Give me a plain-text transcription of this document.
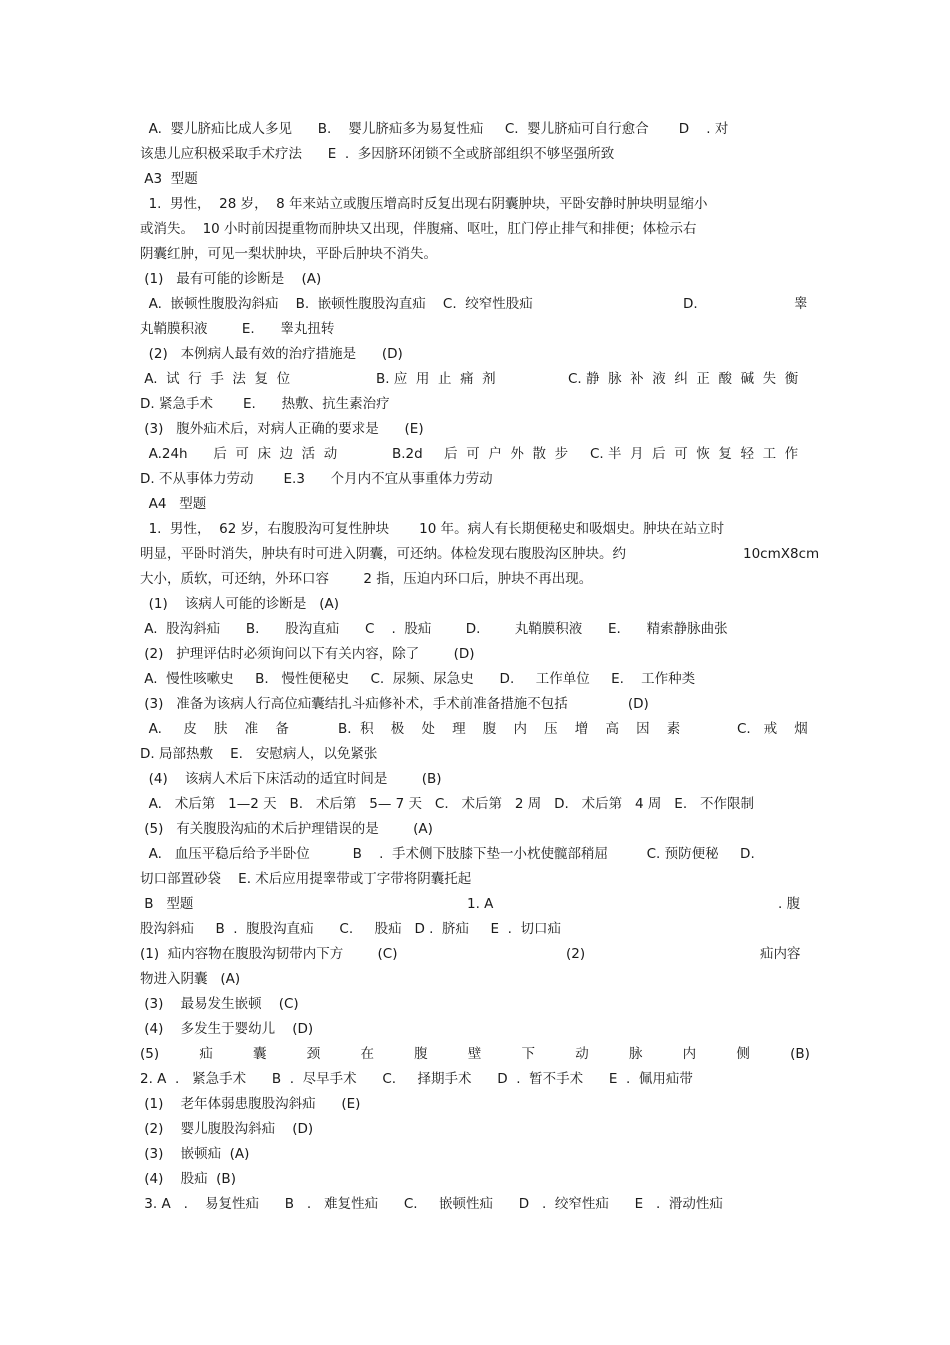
A.  婴儿脐疝比成人多见      B.    婴儿脐疝多为易复性疝     C.  婴儿脐疝可自行愈合       D    . 对
该患儿应积极采取手术疗法      E  .  多因脐环闭锁不全或脐部组织不够坚强所致
A3  型题
1.  男性，  28 岁，  8 年来站立或腹压增高时反复出现右阴囊肿块，平卧安静时肿块明显缩小
或消失。  10 小时前因提重物而肿块又出现，伴腹痛、呕吐，肛门停止排气和排便；体检示右
阴囊红肿，可见一梨状肿块，平卧后肿块不消失。
(1)   最有可能的诊断是    (A)
A.  嵌顿性腹股沟斜疝    B.  嵌顿性腹股沟直疝    C.  绞窄性股疝	D.	睾
丸鞘膜积液        E.      睾丸扭转
(2)   本例病人最有效的治疗措施是      (D)
A.  试  行  手  法  复  位	B. 应  用  止  痛  剂	C. 静  脉  补  液  纠  正  酸  碱  失  衡
D. 紧急手术       E.      热敷、抗生素治疗
(3)   腹外疝术后，对病人正确的要求是      (E)
A.24h      后  可  床  边  活  动	B.2d     后  可  户  外  散  步 C. 半  月  后  可  恢  复  轻  工  作
D. 不从事体力劳动       E.3      个月内不宜从事重体力劳动
A4   型题
1.  男性，  62 岁，右腹股沟可复性肿块       10 年。病人有长期便秘史和吸烟史。肿块在站立时
明显，平卧时消失，肿块有时可进入阴囊，可还纳。体检发现右腹股沟区肿块。约	10cmX8cm
大小，质软，可还纳，外环口容        2 指，压迫内环口后，肿块不再出现。
(1)    该病人可能的诊断是   (A)
A.  股沟斜疝      B.      股沟直疝      C    .  股疝        D.        丸鞘膜积液      E.      精索静脉曲张
(2)   护理评估时必须询问以下有关内容，除了        (D)
A.  慢性咳嗽史     B.   慢性便秘史     C.  尿频、尿急史      D.     工作单位     E.    工作种类
(3)   准备为该病人行高位疝囊结扎斗疝修补术，手术前准备措施不包括              (D)
A.     皮    肤    准    备	B.  积    极    处    理    腹    内    压    增    高    因    素	C.   戒    烟
D. 局部热敷    E.   安慰病人，以免紧张
(4)    该病人术后下床活动的适宜时间是        (B)
A.   术后第   1—2 天   B.   术后第   5— 7 天   C.   术后第   2 周   D.   术后第   4 周   E.   不作限制
(5)   有关腹股沟疝的术后护理错误的是        (A)
A.   血压平稳后给予半卧位          B    .  手术侧下肢膝下垫一小枕使髋部稍屈         C. 预防便秘     D.
切口部置砂袋    E. 术后应用提睾带或丁字带将阴囊托起
B   型题	1. A	. 腹
股沟斜疝     B  .  腹股沟直疝      C.     股疝   D .  脐疝     E  .  切口疝
(1)  疝内容物在腹股沟韧带内下方        (C)	(2)	疝内容
物进入阴囊   (A)
(3)    最易发生嵌顿    (C)
(4)    多发生于婴幼儿    (D)
(5)	疝	囊	颈	在	腹	壁	下	动	脉	内	侧	(B)
2. A  .   紧急手术      B  .  尽早手术      C.     择期手术      D  .  暂不手术      E  .  佩用疝带
(1)    老年体弱患腹股沟斜疝      (E)
(2)    婴儿腹股沟斜疝    (D)
(3)    嵌顿疝  (A)
(4)    股疝  (B)
3. A   .    易复性疝      B   .   难复性疝      C.     嵌顿性疝      D   .  绞窄性疝      E   .  滑动性疝
